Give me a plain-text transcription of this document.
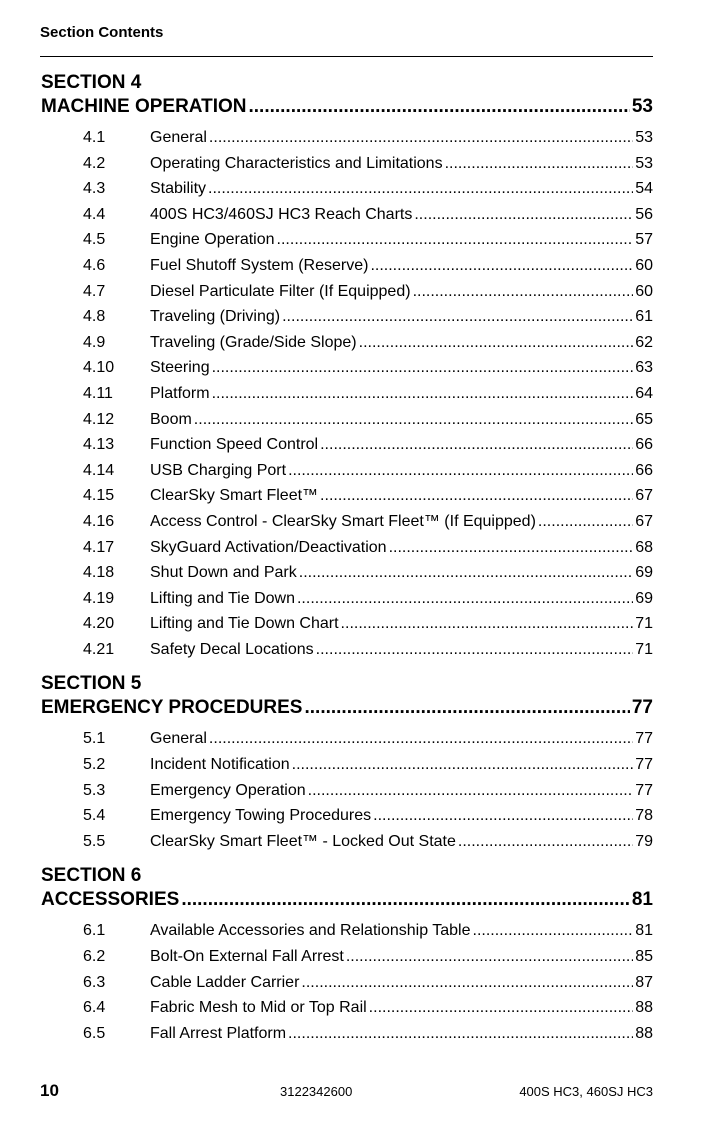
Section Contents
SECTION 4
MACHINE OPERATION .....	53
4.1	General .....	53
4.2	Operating Characteristics and Limitations .....	53
4.3	Stability .....	54
4.4	400S HC3/460SJ HC3 Reach Charts .....	56
4.5	Engine Operation .....	57
4.6	Fuel Shutoff System (Reserve) .....	60
4.7	Diesel Particulate Filter (If Equipped) .....	60
4.8	Traveling (Driving) .....	61
4.9	Traveling (Grade/Side Slope) .....	62
4.10	Steering .....	63
4.11	Platform .....	64
4.12	Boom .....	65
4.13	Function Speed Control .....	66
4.14	USB Charging Port .....	66
4.15	ClearSky Smart Fleet™ .....	67
4.16	Access Control - ClearSky Smart Fleet™ (If Equipped) .....	67
4.17	SkyGuard Activation/Deactivation .....	68
4.18	Shut Down and Park .....	69
4.19	Lifting and Tie Down .....	69
4.20	Lifting and Tie Down Chart .....	71
4.21	Safety Decal Locations .....	71
SECTION 5
EMERGENCY PROCEDURES .....	77
5.1	General .....	77
5.2	Incident Notification .....	77
5.3	Emergency Operation .....	77
5.4	Emergency Towing Procedures .....	78
5.5	ClearSky Smart Fleet™ - Locked Out State .....	79
SECTION 6
ACCESSORIES .....	81
6.1	Available Accessories and Relationship Table .....	81
6.2	Bolt-On External Fall Arrest .....	85
6.3	Cable Ladder Carrier .....	87
6.4	Fabric Mesh to Mid or Top Rail .....	88
6.5	Fall Arrest Platform .....	88
10	3122342600	400S HC3, 460SJ HC3
